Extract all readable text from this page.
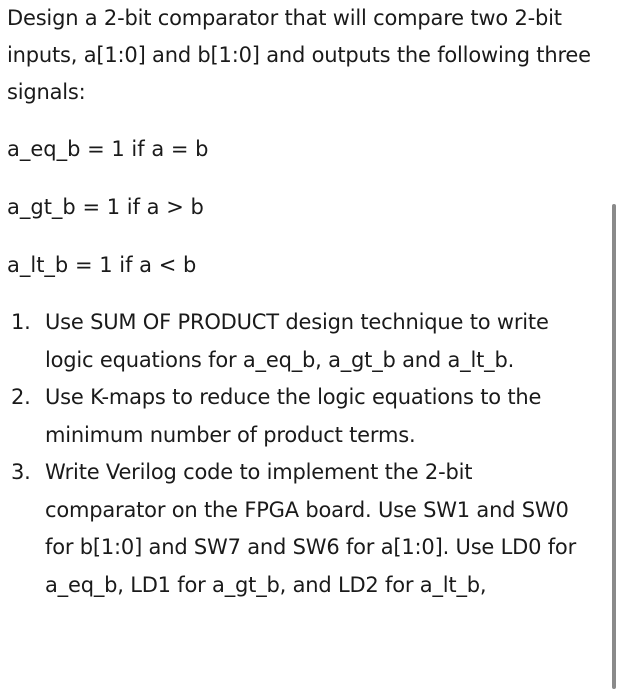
Design a 2-bit comparator that will compare two 2-bit inputs, a[1:0] and b[1:0] and outputs the following three signals:

a_eq_b = 1 if a = b

a_gt_b = 1 if a > b

a_lt_b = 1 if a < b

1. Use SUM OF PRODUCT design technique to write logic equations for a_eq_b, a_gt_b and a_lt_b.
2. Use K-maps to reduce the logic equations to the minimum number of product terms.
3. Write Verilog code to implement the 2-bit comparator on the FPGA board. Use SW1 and SW0 for b[1:0] and SW7 and SW6 for a[1:0]. Use LD0 for a_eq_b, LD1 for a_gt_b, and LD2 for a_lt_b,
